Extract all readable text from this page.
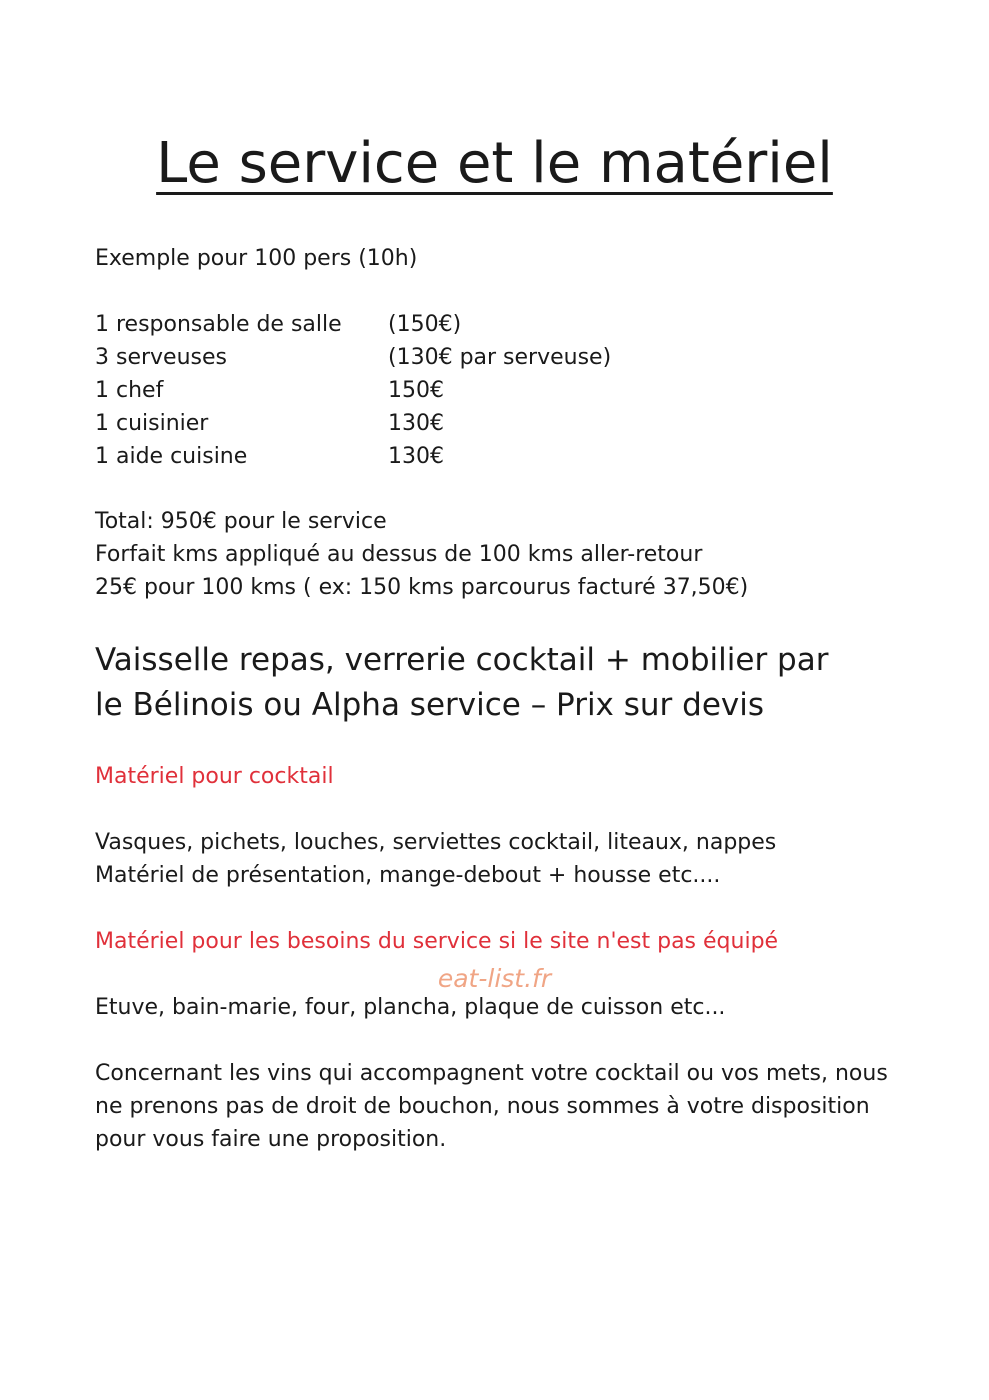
Le service et le matériel
Exemple pour 100 pers (10h)
1 responsable de salle	(150€)
3 serveuses	(130€ par serveuse)
1 chef	150€
1 cuisinier	130€
1 aide cuisine	130€
Total: 950€ pour le service
Forfait kms appliqué au dessus de 100 kms aller-retour
25€ pour 100 kms ( ex: 150 kms parcourus facturé 37,50€)
Vaisselle repas, verrerie cocktail + mobilier par
le Bélinois ou Alpha service – Prix sur devis
Matériel pour cocktail
Vasques, pichets, louches, serviettes cocktail, liteaux, nappes
Matériel de présentation, mange-debout + housse etc....
Matériel pour les besoins du service si le site n'est pas équipé
eat-list.fr
Etuve, bain-marie, four, plancha, plaque de cuisson etc...
Concernant les vins qui accompagnent votre cocktail ou vos mets, nous
ne prenons pas de droit de bouchon, nous sommes à votre disposition
pour vous faire une proposition.
